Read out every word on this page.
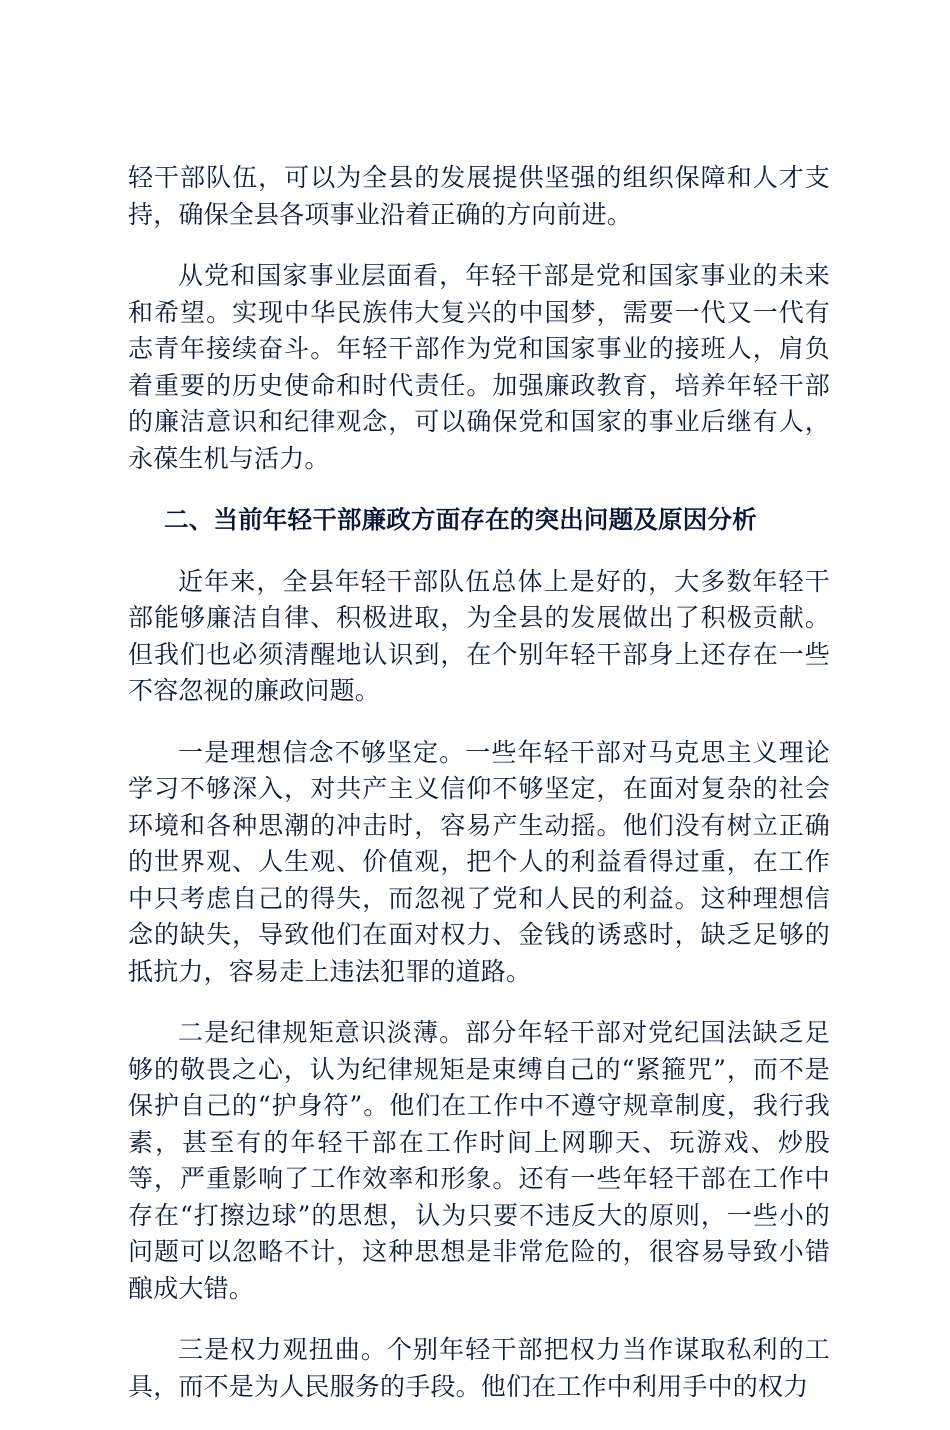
轻干部队伍，可以为全县的发展提供坚强的组织保障和人才支持，确保全县各项事业沿着正确的方向前进。

从党和国家事业层面看，年轻干部是党和国家事业的未来和希望。实现中华民族伟大复兴的中国梦，需要一代又一代有志青年接续奋斗。年轻干部作为党和国家事业的接班人，肩负着重要的历史使命和时代责任。加强廉政教育，培养年轻干部的廉洁意识和纪律观念，可以确保党和国家的事业后继有人，永葆生机与活力。

二、当前年轻干部廉政方面存在的突出问题及原因分析

近年来，全县年轻干部队伍总体上是好的，大多数年轻干部能够廉洁自律、积极进取，为全县的发展做出了积极贡献。但我们也必须清醒地认识到，在个别年轻干部身上还存在一些不容忽视的廉政问题。

一是理想信念不够坚定。一些年轻干部对马克思主义理论学习不够深入，对共产主义信仰不够坚定，在面对复杂的社会环境和各种思潮的冲击时，容易产生动摇。他们没有树立正确的世界观、人生观、价值观，把个人的利益看得过重，在工作中只考虑自己的得失，而忽视了党和人民的利益。这种理想信念的缺失，导致他们在面对权力、金钱的诱惑时，缺乏足够的抵抗力，容易走上违法犯罪的道路。

二是纪律规矩意识淡薄。部分年轻干部对党纪国法缺乏足够的敬畏之心，认为纪律规矩是束缚自己的“紧箍咒”，而不是保护自己的“护身符”。他们在工作中不遵守规章制度，我行我素，甚至有的年轻干部在工作时间上网聊天、玩游戏、炒股等，严重影响了工作效率和形象。还有一些年轻干部在工作中存在“打擦边球”的思想，认为只要不违反大的原则，一些小的问题可以忽略不计，这种思想是非常危险的，很容易导致小错酿成大错。

三是权力观扭曲。个别年轻干部把权力当作谋取私利的工具，而不是为人民服务的手段。他们在工作中利用手中的权力
